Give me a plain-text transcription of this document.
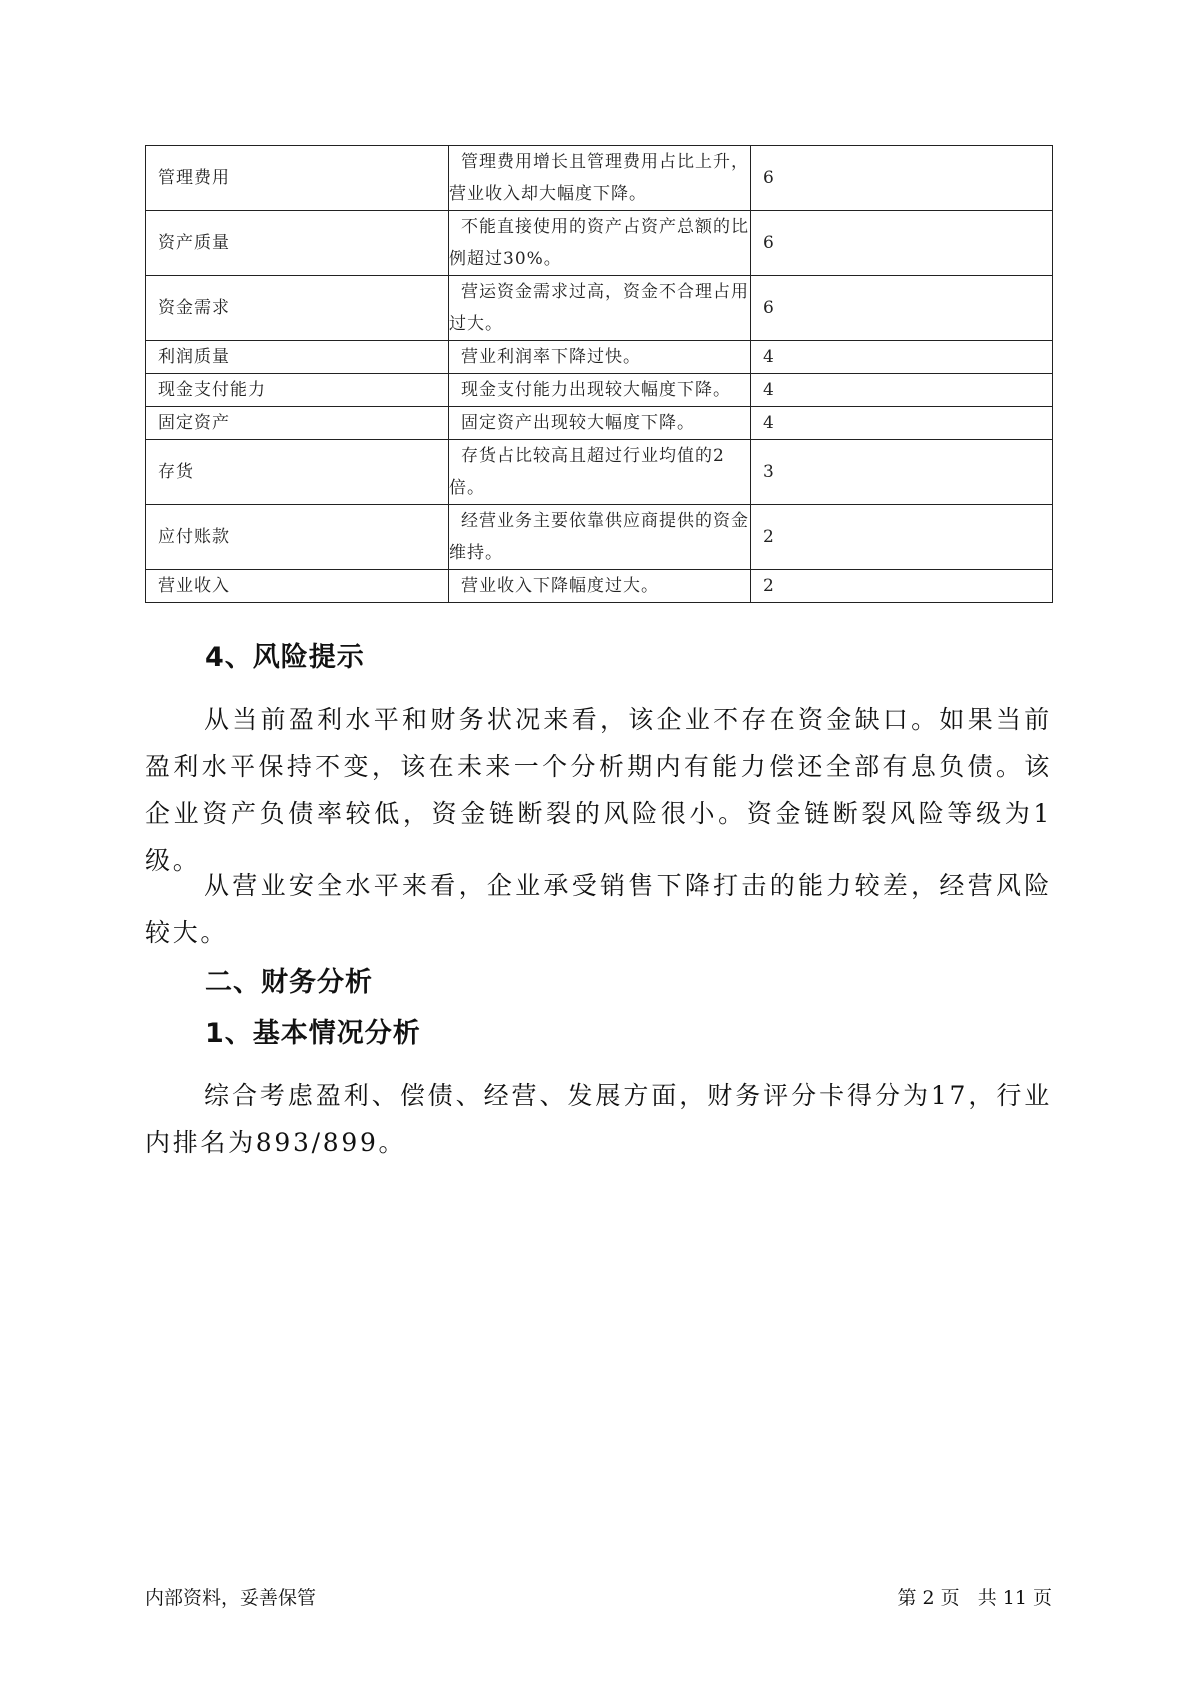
管理费用	管理费用增长且管理费用占比上升，营业收入却大幅度下降。	6
资产质量	不能直接使用的资产占资产总额的比例超过30%。	6
资金需求	营运资金需求过高，资金不合理占用过大。	6
利润质量	营业利润率下降过快。	4
现金支付能力	现金支付能力出现较大幅度下降。	4
固定资产	固定资产出现较大幅度下降。	4
存货	存货占比较高且超过行业均值的2倍。	3
应付账款	经营业务主要依靠供应商提供的资金维持。	2
营业收入	营业收入下降幅度过大。	2
4、风险提示

从当前盈利水平和财务状况来看，该企业不存在资金缺口。如果当前盈利水平保持不变，该在未来一个分析期内有能力偿还全部有息负债。该企业资产负债率较低，资金链断裂的风险很小。资金链断裂风险等级为1级。

从营业安全水平来看，企业承受销售下降打击的能力较差，经营风险较大。

二、财务分析
1、基本情况分析

综合考虑盈利、偿债、经营、发展方面，财务评分卡得分为17，行业内排名为893/899。

内部资料，妥善保管	第 2 页   共 11 页
